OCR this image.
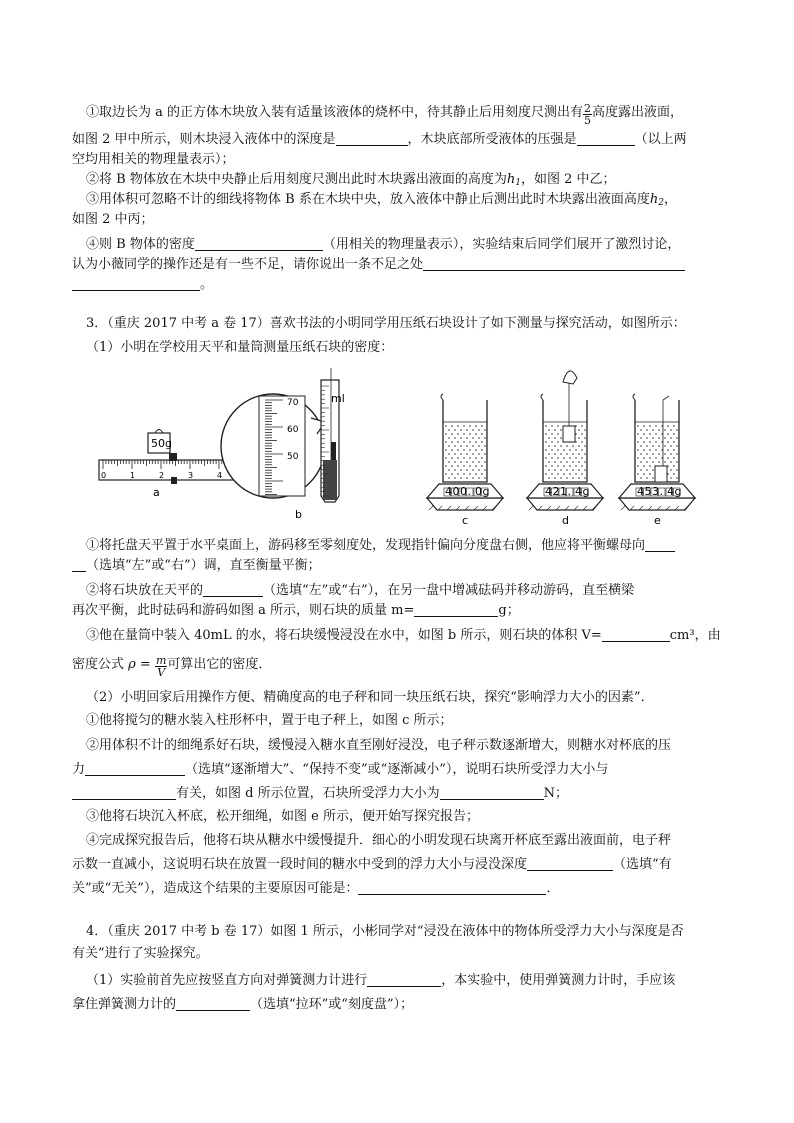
①取边长为 a 的正方体木块放入装有适量该液体的烧杯中，待其静止后用刻度尺测出有 $\frac{2}{5}$ 高度露出液面，
如图 2 甲中所示，则木块浸入液体中的深度是	，木块底部所受液体的压强是	（以上两
空均用相关的物理量表示）；
②将 B 物体放在木块中央静止后用刻度尺测出此时木块露出液面的高度为$h_1$，如图 2 中乙；
③用体积可忽略不计的细线将物体 B 系在木块中央，放入液体中静止后测出此时木块露出液面高度$h_2$，
如图 2 中丙；
④则 B 物体的密度	（用相关的物理量表示），实验结束后同学们展开了激烈讨论，
认为小薇同学的操作还是有一些不足，请你说出一条不足之处
。
3．（重庆 2017 中考 a 卷 17）喜欢书法的小明同学用压纸石块设计了如下测量与探究活动，如图所示：
（1）小明在学校用天平和量筒测量压纸石块的密度：
50g
0	1	2	3	4
a
70
60
50
ml
b
4 0 0 . 0 g
c
4 2 1 . 4 g
d
4 5 3 . 4 g
e
①将托盘天平置于水平桌面上，游码移至零刻度处，发现指针偏向分度盘右侧，他应将平衡螺母向
（选填“左”或“右”）调，直至衡量平衡；
②将石块放在天平的	（选填“左”或“右”），在另一盘中增减砝码并移动游码，直至横梁
再次平衡，此时砝码和游码如图 a 所示，则石块的质量 m=	g；
③他在量筒中装入 40mL 的水，将石块缓慢浸没在水中，如图 b 所示，则石块的体积 V=	cm³，由
密度公式 $\rho = \frac{m}{V}$ 可算出它的密度．
（2）小明回家后用操作方便、精确度高的电子秤和同一块压纸石块，探究“影响浮力大小的因素”．
①他将搅匀的糖水装入柱形杯中，置于电子秤上，如图 c 所示；
②用体积不计的细绳系好石块，缓慢浸入糖水直至刚好浸没，电子秤示数逐渐增大，则糖水对杯底的压
力	（选填“逐渐增大”、“保持不变”或“逐渐减小”），说明石块所受浮力大小与
有关，如图 d 所示位置，石块所受浮力大小为	N；
③他将石块沉入杯底，松开细绳，如图 e 所示，便开始写探究报告；
④完成探究报告后，他将石块从糖水中缓慢提升．细心的小明发现石块离开杯底至露出液面前，电子秤
示数一直减小，这说明石块在放置一段时间的糖水中受到的浮力大小与浸没深度	（选填“有
关”或“无关”），造成这个结果的主要原因可能是：	．
4．（重庆 2017 中考 b 卷 17）如图 1 所示，小彬同学对“浸没在液体中的物体所受浮力大小与深度是否
有关”进行了实验探究。
（1）实验前首先应按竖直方向对弹簧测力计进行	，本实验中，使用弹簧测力计时，手应该
拿住弹簧测力计的	（选填“拉环”或“刻度盘”）；
